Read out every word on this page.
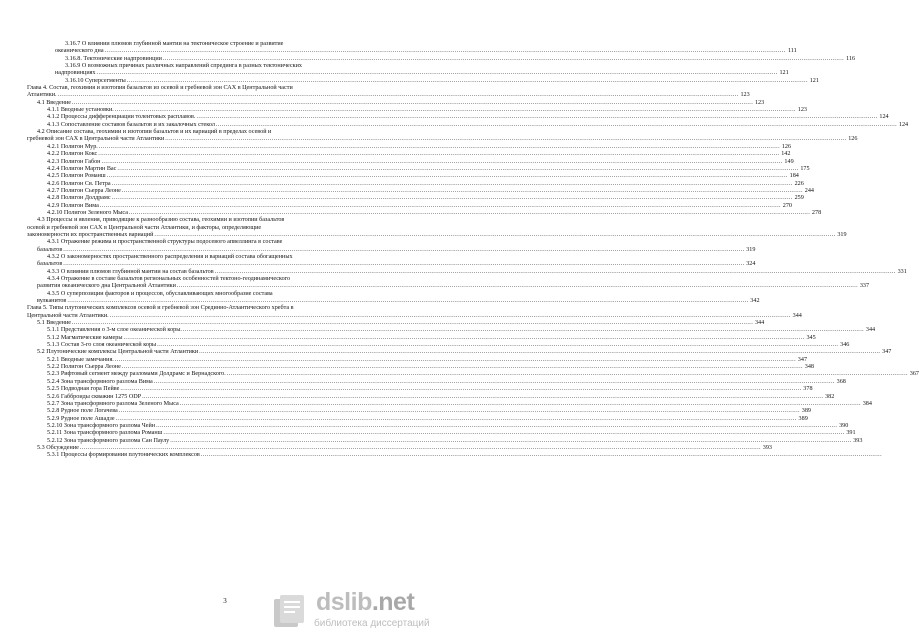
3.16.7 О влиянии плюмов глубинной мантии на тектоническое строение и развитие
океанического дна .....	111
3.16.8. Тектонические надпровинции .....	116
3.16.9 О возможных причинах различных направлений спрединга в разных тектонических
надпровинциях .....	121
3.16.10 Суперсегменты .....	121
Глава 4. Состав, геохимия и изотопия базальтов из осевой и гребневой зон САХ в Центральной части
Атлантики. .....	123
4.1 Введение .....	123
4.1.1 Вводные установки. .....	123
4.1.2 Процессы дифференциации толеитовых расплавов. .....	124
4.1.3 Сопоставление составов базальтов и их закалочных стекол .....	124
4.2 Описание состава, геохимии и изотопии базальтов и их вариаций в пределах осевой и
гребневой зон САХ в Центральной части Атлантики .....	126
4.2.1 Полигон Мур. .....	126
4.2.2 Полигон Кокс .....	142
4.2.3 Полигон Габон .....	149
4.2.4 Полигон Мартин Вас .....	175
4.2.5 Полигон Романш .....	184
4.2.6 Полигон Св. Петра .....	226
4.2.7 Полигон Сьерра Леоне .....	244
4.2.8 Полигон Долдрамс .....	259
4.2.9 Полигон Вима .....	270
4.2.10 Полигон Зеленого Мыса .....	278
4.3 Процессы и явления, приводящие к разнообразию состава, геохимии и изотопии базальтов
осевой и гребневой зон САХ в Центральной части Атлантики, и факторы, определяющие
закономерности их пространственных вариаций .....	319
4.3.1 Отражение режима и пространственной структуры подосевого апвеллинга в составе
базальтов .....	319
4.3.2 О закономерностях пространственного распределения и вариаций состава обогащенных
базальтов .....	324
4.3.3 О влиянии плюмов глубинной мантии на состав базальтов .....	331
4.3.4 Отражение в составе базальтов региональных особенностей тектоно-геодинамического
развития океанического дна Центральной Атлантики .....	337
4.3.5 О суперпозиции факторов и процессов, обуславливающих многообразие состава
вулканитов .....	342
Глава 5. Типы плутонических комплексов осевой и гребневой зон Срединно-Атлантического хребта в
Центральной части Атлантики. .....	344
5.1 Введение .....	344
5.1.1 Представления о 3-м слое океанической коры. .....	344
5.1.2 Магматические камеры .....	345
5.1.3 Состав 3-го слоя океанической коры .....	346
5.2 Плутонические комплексы Центральной части Атлантики .....	347
5.2.1 Вводные замечания. .....	347
5.2.2 Полигон Сьерра Леоне .....	348
5.2.3 Рифтовый сегмент между разломами Долдрамс и Вернадского. .....	367
5.2.4 Зона трансформного разлома Вима .....	368
5.2.5 Подводная гора Пейве .....	378
5.2.6 Габброиды скважин 1275 ODP .....	382
5.2.7 Зона трансформного разлома Зеленого Мыса .....	384
5.2.8 Рудное поле Логачева .....	389
5.2.9 Рудное поле Ашадзе .....	389
5.2.10 Зона трансформного разлома Чейн .....	390
5.2.11 Зона трансформного разлома Романш .....	391
5.2.12 Зона трансформного разлома Сан Паулу .....	393
5.3 Обсуждение .....	393
5.3.1 Процессы формирования плутонических комплексов
.....
3	dslib.net
библиотека диссертаций
